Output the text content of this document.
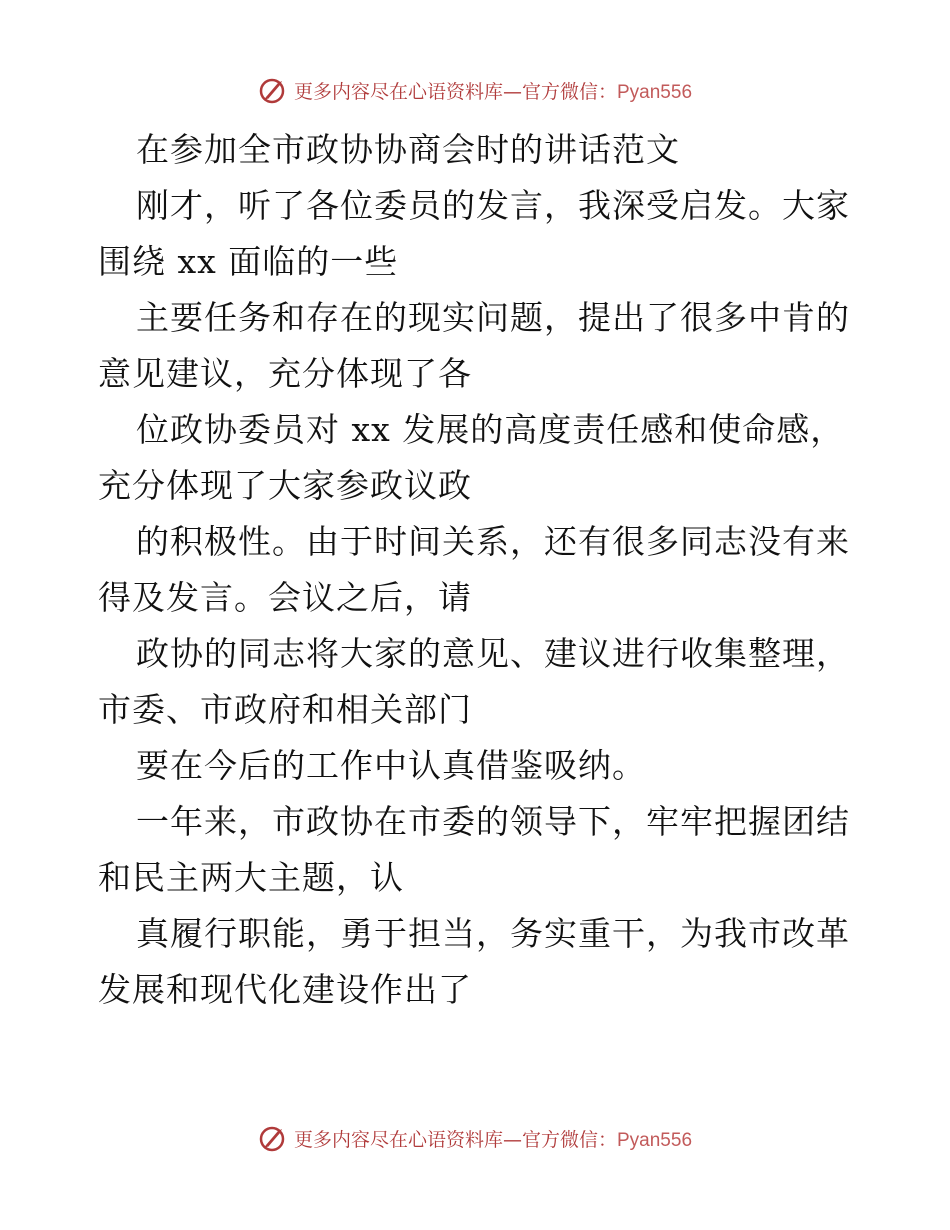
更多内容尽在心语资料库—官方微信：Pyan556
在参加全市政协协商会时的讲话范文
刚才，听了各位委员的发言，我深受启发。大家
围绕 xx 面临的一些
主要任务和存在的现实问题，提出了很多中肯的
意见建议，充分体现了各
位政协委员对 xx 发展的高度责任感和使命感，
充分体现了大家参政议政
的积极性。由于时间关系，还有很多同志没有来
得及发言。会议之后，请
政协的同志将大家的意见、建议进行收集整理，
市委、市政府和相关部门
要在今后的工作中认真借鉴吸纳。
一年来，市政协在市委的领导下，牢牢把握团结
和民主两大主题，认
真履行职能，勇于担当，务实重干，为我市改革
发展和现代化建设作出了
更多内容尽在心语资料库—官方微信：Pyan556
